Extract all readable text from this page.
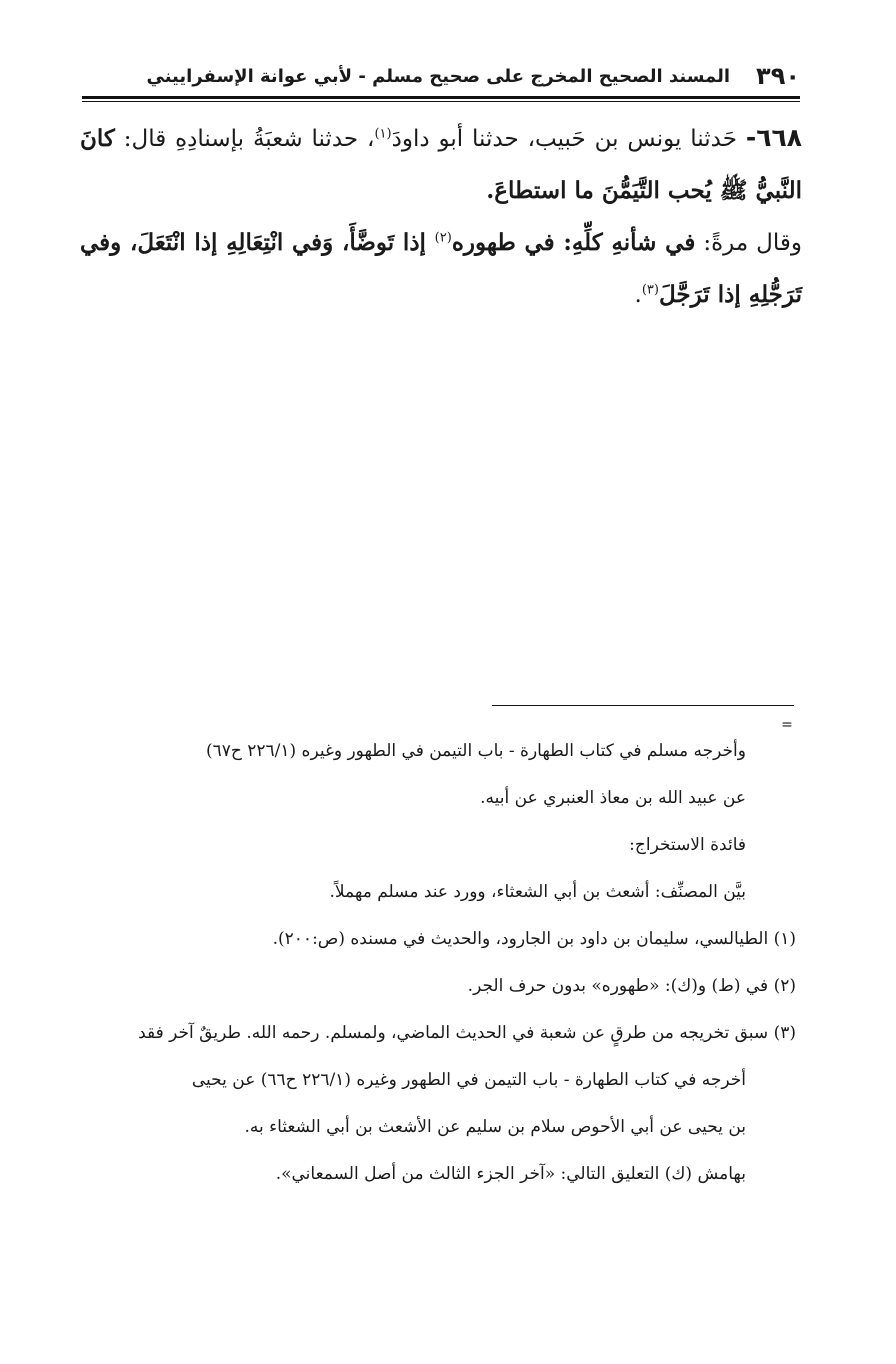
٣٩٠
المسند الصحيح المخرج على صحيح مسلم - لأبي عوانة الإسفراييني

٦٦٨- حَدثنا يونس بن حَبيب، حدثنا أبو داودَ$^{(١)}$، حدثنا شعبَةُ بإسنادِهِ قال: كانَ النَّبيُّ ﷺ يُحب التَّيَمُّنَ ما استطاعَ.

وقال مرةً: في شأنهِ كلِّهِ: في طهوره$^{(٢)}$ إذا تَوضَّأَ، وَفي انْتِعَالِهِ إذا انْتَعَلَ، وفي تَرَجُّلِهِ إذا تَرَجَّلَ$^{(٣)}$.

=
وأخرجه مسلم في كتاب الطهارة - باب التيمن في الطهور وغيره (٢٢٦/١ ح٦٧)
عن عبيد الله بن معاذ العنبري عن أبيه.
فائدة الاستخراج:
بيَّن المصنِّف: أشعث بن أبي الشعثاء، وورد عند مسلم مهملاً.
(١) الطيالسي، سليمان بن داود بن الجارود، والحديث في مسنده (ص:٢٠٠).
(٢) في (ط) و(ك): «طهوره» بدون حرف الجر.
(٣) سبق تخريجه من طرقٍ عن شعبة في الحديث الماضي، ولمسلم. رحمه الله. طريقٌ آخر فقد
أخرجه في كتاب الطهارة - باب التيمن في الطهور وغيره (٢٢٦/١ ح٦٦) عن يحيى
بن يحيى عن أبي الأحوص سلام بن سليم عن الأشعث بن أبي الشعثاء به.
بهامش (ك) التعليق التالي: «آخر الجزء الثالث من أصل السمعاني».
